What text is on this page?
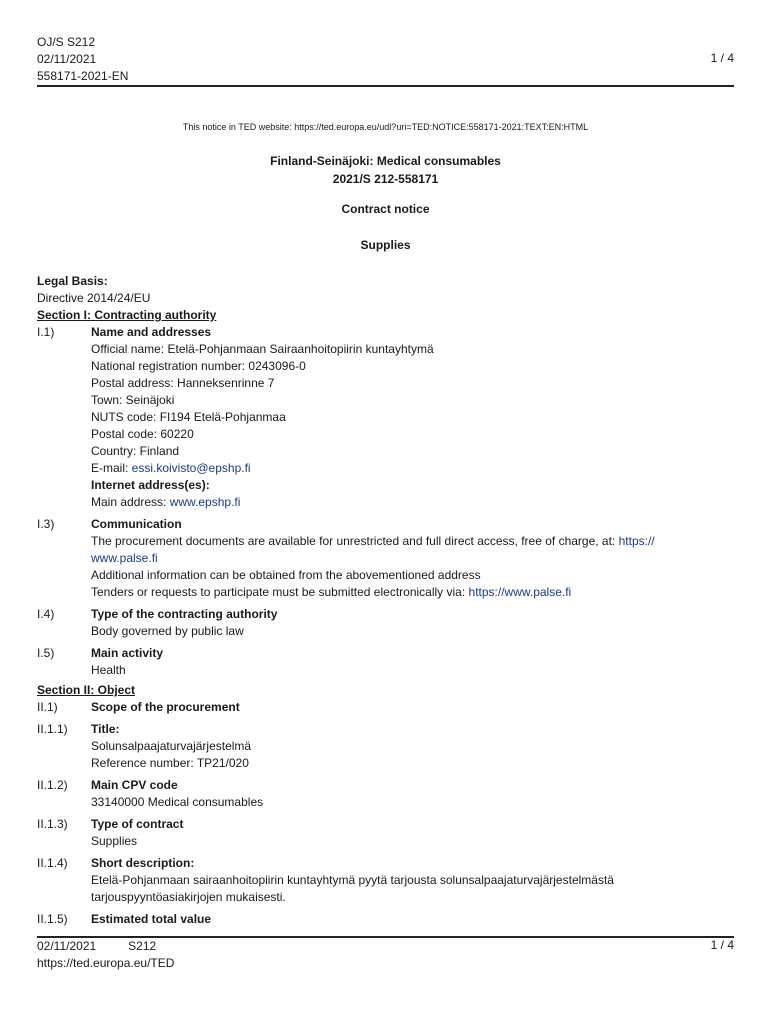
OJ/S S212
02/11/2021
558171-2021-EN
1 / 4
This notice in TED website: https://ted.europa.eu/udl?uri=TED:NOTICE:558171-2021:TEXT:EN:HTML
Finland-Seinäjoki: Medical consumables
2021/S 212-558171
Contract notice
Supplies
Legal Basis:
Directive 2014/24/EU
Section I: Contracting authority
I.1)	Name and addresses
Official name: Etelä-Pohjanmaan Sairaanhoitopiirin kuntayhtymä
National registration number: 0243096-0
Postal address: Hanneksenrinne 7
Town: Seinäjoki
NUTS code: FI194 Etelä-Pohjanmaa
Postal code: 60220
Country: Finland
E-mail: essi.koivisto@epshp.fi
Internet address(es):
Main address: www.epshp.fi
I.3)	Communication
The procurement documents are available for unrestricted and full direct access, free of charge, at: https://
www.palse.fi
Additional information can be obtained from the abovementioned address
Tenders or requests to participate must be submitted electronically via: https://www.palse.fi
I.4)	Type of the contracting authority
Body governed by public law
I.5)	Main activity
Health
Section II: Object
II.1)	Scope of the procurement
II.1.1) Title:
Solunsalpaajaturvajärjestelmä
Reference number: TP21/020
II.1.2) Main CPV code
33140000 Medical consumables
II.1.3) Type of contract
Supplies
II.1.4) Short description:
Etelä-Pohjanmaan sairaanhoitopiirin kuntayhtymä pyytä tarjousta solunsalpaajaturvajärjestelmästä
tarjouspyyntöasiakirjojen mukaisesti.
II.1.5) Estimated total value
02/11/2021	S212
https://ted.europa.eu/TED
1 / 4
